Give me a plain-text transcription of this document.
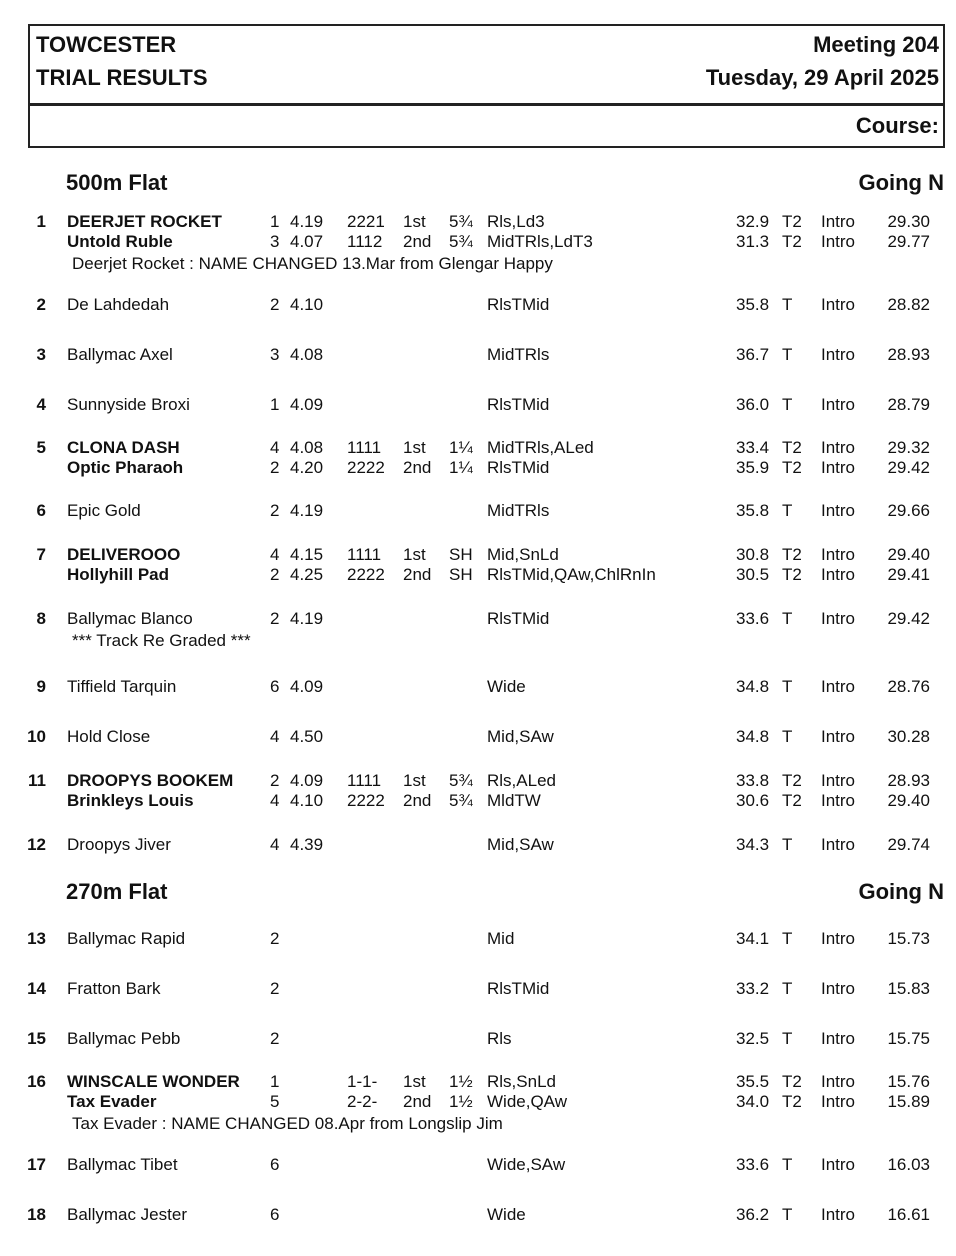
TOWCESTER
TRIAL RESULTS
Meeting 204
Tuesday, 29 April 2025
Course:
500m Flat	Going N
1 DEERJET ROCKET	1 4.19 2221 1st 5¾ Rls,Ld3	32.9 T2 Intro 29.30
Untold Ruble	3 4.07 1112 2nd 5¾ MidTRls,LdT3	31.3 T2 Intro 29.77
Deerjet Rocket : NAME CHANGED 13.Mar from Glengar Happy
2 De Lahdedah	2 4.10	RlsTMid	35.8 T Intro 28.82
3 Ballymac Axel	3 4.08	MidTRls	36.7 T Intro 28.93
4 Sunnyside Broxi	1 4.09	RlsTMid	36.0 T Intro 28.79
5 CLONA DASH	4 4.08 1111 1st 1¼ MidTRls,ALed	33.4 T2 Intro 29.32
Optic Pharaoh	2 4.20 2222 2nd 1¼ RlsTMid	35.9 T2 Intro 29.42
6 Epic Gold	2 4.19	MidTRls	35.8 T Intro 29.66
7 DELIVEROOO	4 4.15 1111 1st SH Mid,SnLd	30.8 T2 Intro 29.40
Hollyhill Pad	2 4.25 2222 2nd SH RlsTMid,QAw,ChlRnIn	30.5 T2 Intro 29.41
8 Ballymac Blanco	2 4.19	RlsTMid	33.6 T Intro 29.42
*** Track Re Graded ***
9 Tiffield Tarquin	6 4.09	Wide	34.8 T Intro 28.76
10 Hold Close	4 4.50	Mid,SAw	34.8 T Intro 30.28
11 DROOPYS BOOKEM 2 4.09 1111 1st 5¾ Rls,ALed	33.8 T2 Intro 28.93
Brinkleys Louis	4 4.10 2222 2nd 5¾ MldTW	30.6 T2 Intro 29.40
12 Droopys Jiver	4 4.39	Mid,SAw	34.3 T Intro 29.74
270m Flat	Going N
13 Ballymac Rapid	2	Mid	34.1 T Intro 15.73
14 Fratton Bark	2	RlsTMid	33.2 T Intro 15.83
15 Ballymac Pebb	2	Rls	32.5 T Intro 15.75
16 WINSCALE WONDER 1	1-1- 1st 1½ Rls,SnLd	35.5 T2 Intro 15.76
Tax Evader	5	2-2- 2nd 1½ Wide,QAw	34.0 T2 Intro 15.89
Tax Evader : NAME CHANGED 08.Apr from Longslip Jim
17 Ballymac Tibet	6	Wide,SAw	33.6 T Intro 16.03
18 Ballymac Jester	6	Wide	36.2 T Intro 16.61
